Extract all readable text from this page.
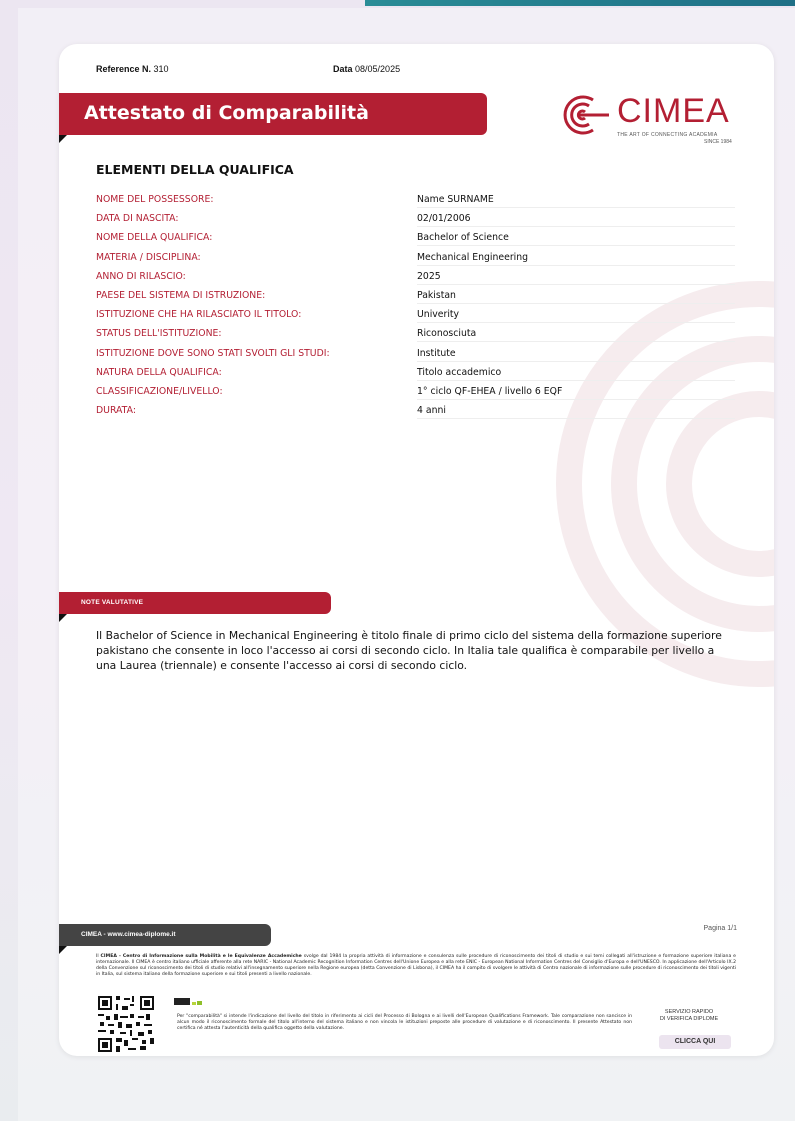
Reference N. 310	Data 08/05/2025
Attestato di Comparabilità	CIMEA
THE ART OF CONNECTING ACADEMIA
SINCE 1984
ELEMENTI DELLA QUALIFICA
NOME DEL POSSESSORE:	Name SURNAME
DATA DI NASCITA:	02/01/2006
NOME DELLA QUALIFICA:	Bachelor of Science
MATERIA / DISCIPLINA:	Mechanical Engineering
ANNO DI RILASCIO:	2025
PAESE DEL SISTEMA DI ISTRUZIONE:	Pakistan
ISTITUZIONE CHE HA RILASCIATO IL TITOLO:	Univerity
STATUS DELL'ISTITUZIONE:	Riconosciuta
ISTITUZIONE DOVE SONO STATI SVOLTI GLI STUDI:	Institute
NATURA DELLA QUALIFICA:	Titolo accademico
CLASSIFICAZIONE/LIVELLO:	1° ciclo QF-EHEA / livello 6 EQF
DURATA:	4 anni
NOTE VALUTATIVE
Il Bachelor of Science in Mechanical Engineering è titolo finale di primo ciclo del sistema della formazione superiore pakistano che consente in loco l'accesso ai corsi di secondo ciclo. In Italia tale qualifica è comparabile per livello a una Laurea (triennale) e consente l'accesso ai corsi di secondo ciclo.
CIMEA - www.cimea-diplome.it
Pagina 1/1
Il CIMEA - Centro di Informazione sulla Mobilità e le Equivalenze Accademiche svolge dal 1984 la propria attività di informazione e consulenza sulle procedure di riconoscimento dei titoli di studio e sui temi collegati all'istruzione e formazione superiore italiana e internazionale. Il CIMEA è centro italiano ufficiale afferente alla rete NARIC - National Academic Recognition Information Centres dell'Unione Europea e alla rete ENIC - European National Information Centres del Consiglio d'Europa e dell'UNESCO. In applicazione dell'Articolo IX.2 della Convenzione sul riconoscimento dei titoli di studio relativi all'insegnamento superiore nella Regione europea (detta Convenzione di Lisbona), il CIMEA ha il compito di svolgere le attività di Centro nazionale di informazione sulle procedure di riconoscimento dei titoli vigenti in Italia, sul sistema italiano della formazione superiore e sui titoli presenti a livello nazionale.
Per "comparabilità" si intende l'indicazione del livello del titolo in riferimento ai cicli del Processo di Bologna e ai livelli dell'European Qualifications Framework. Tale comparazione non sancisce in alcun modo il riconoscimento formale del titolo all'interno del sistema italiano e non vincola le istituzioni preposte alle procedure di valutazione e di riconoscimento. Il presente Attestato non certifica né attesta l'autenticità della qualifica oggetto della valutazione.
SERVIZIO RAPIDO
DI VERIFICA DIPLOME
CLICCA QUI
